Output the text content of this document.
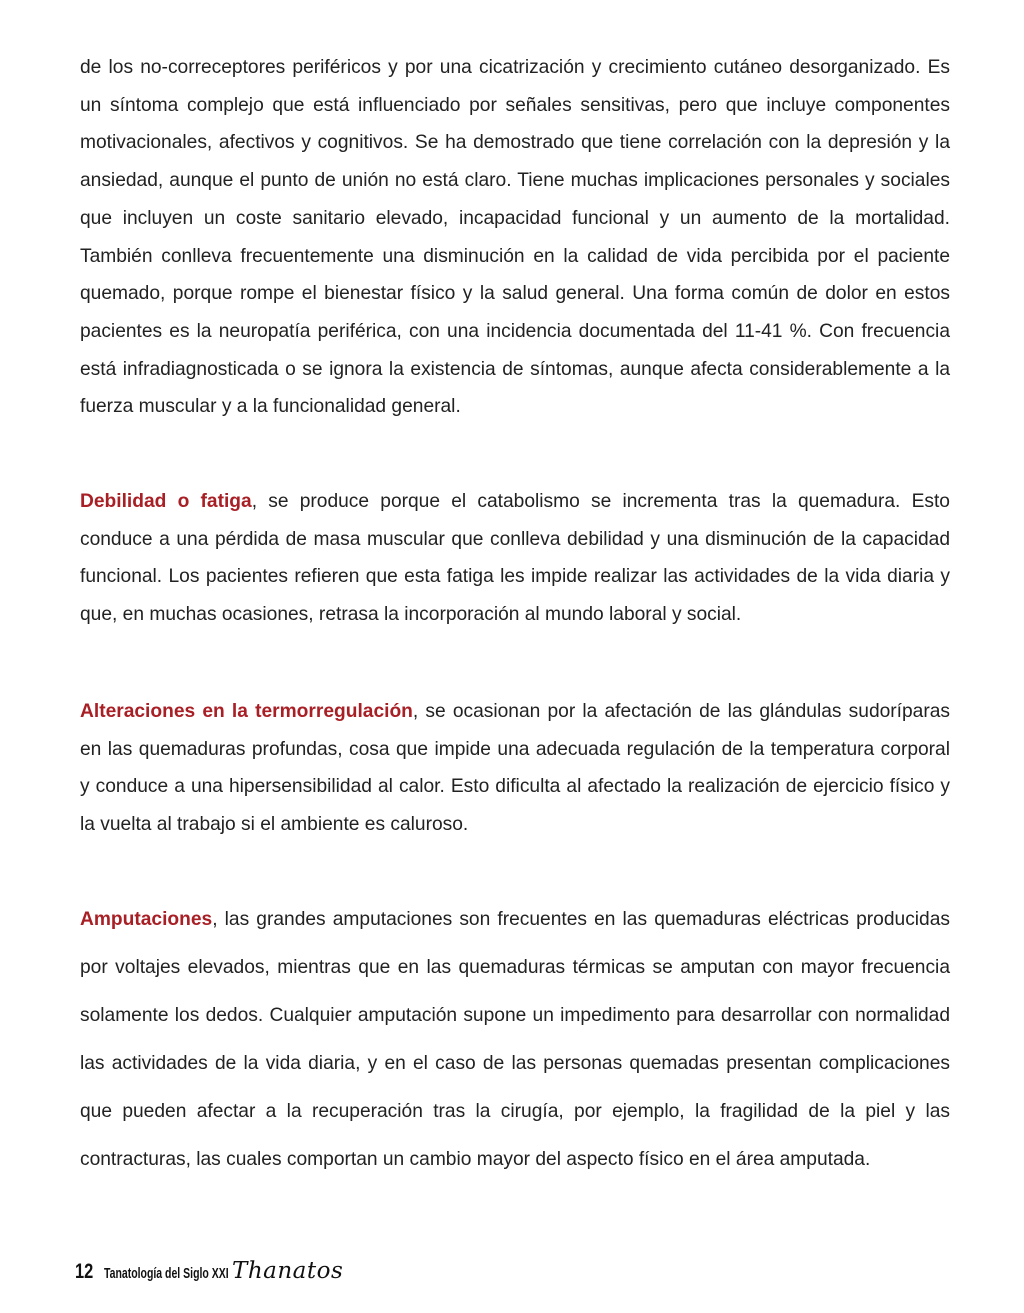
de los no-correceptores periféricos y por una cicatrización y crecimiento cutáneo desorganizado. Es un síntoma complejo que está influenciado por señales sensitivas, pero que incluye componentes motivacionales, afectivos y cognitivos. Se ha demostrado que tiene correlación con la depresión y la ansiedad, aunque el punto de unión no está claro. Tiene muchas implicaciones personales y sociales que incluyen un coste sanitario elevado, incapacidad funcional y un aumento de la mortalidad. También conlleva frecuentemente una disminución en la calidad de vida percibida por el paciente quemado, porque rompe el bienestar físico y la salud general. Una forma común de dolor en estos pacientes es la neuropatía periférica, con una incidencia documentada del 11-41 %. Con frecuencia está infradiagnosticada o se ignora la existencia de síntomas, aunque afecta considerablemente a la fuerza muscular y a la funcionalidad general.

Debilidad o fatiga, se produce porque el catabolismo se incrementa tras la quemadura. Esto conduce a una pérdida de masa muscular que conlleva debilidad y una disminución de la capacidad funcional. Los pacientes refieren que esta fatiga les impide realizar las actividades de la vida diaria y que, en muchas ocasiones, retrasa la incorporación al mundo laboral y social.

Alteraciones en la termorregulación, se ocasionan por la afectación de las glándulas sudoríparas en las quemaduras profundas, cosa que impide una adecuada regulación de la temperatura corporal y conduce a una hipersensibilidad al calor. Esto dificulta al afectado la realización de ejercicio físico y la vuelta al trabajo si el ambiente es caluroso.

Amputaciones, las grandes amputaciones son frecuentes en las quemaduras eléctricas producidas por voltajes elevados, mientras que en las quemaduras térmicas se amputan con mayor frecuencia solamente los dedos. Cualquier amputación supone un impedimento para desarrollar con normalidad las actividades de la vida diaria, y en el caso de las personas quemadas presentan complicaciones que pueden afectar a la recuperación tras la cirugía, por ejemplo, la fragilidad de la piel y las contracturas, las cuales comportan un cambio mayor del aspecto físico en el área amputada.

12 Tanatología del Siglo XXI Thanatos
